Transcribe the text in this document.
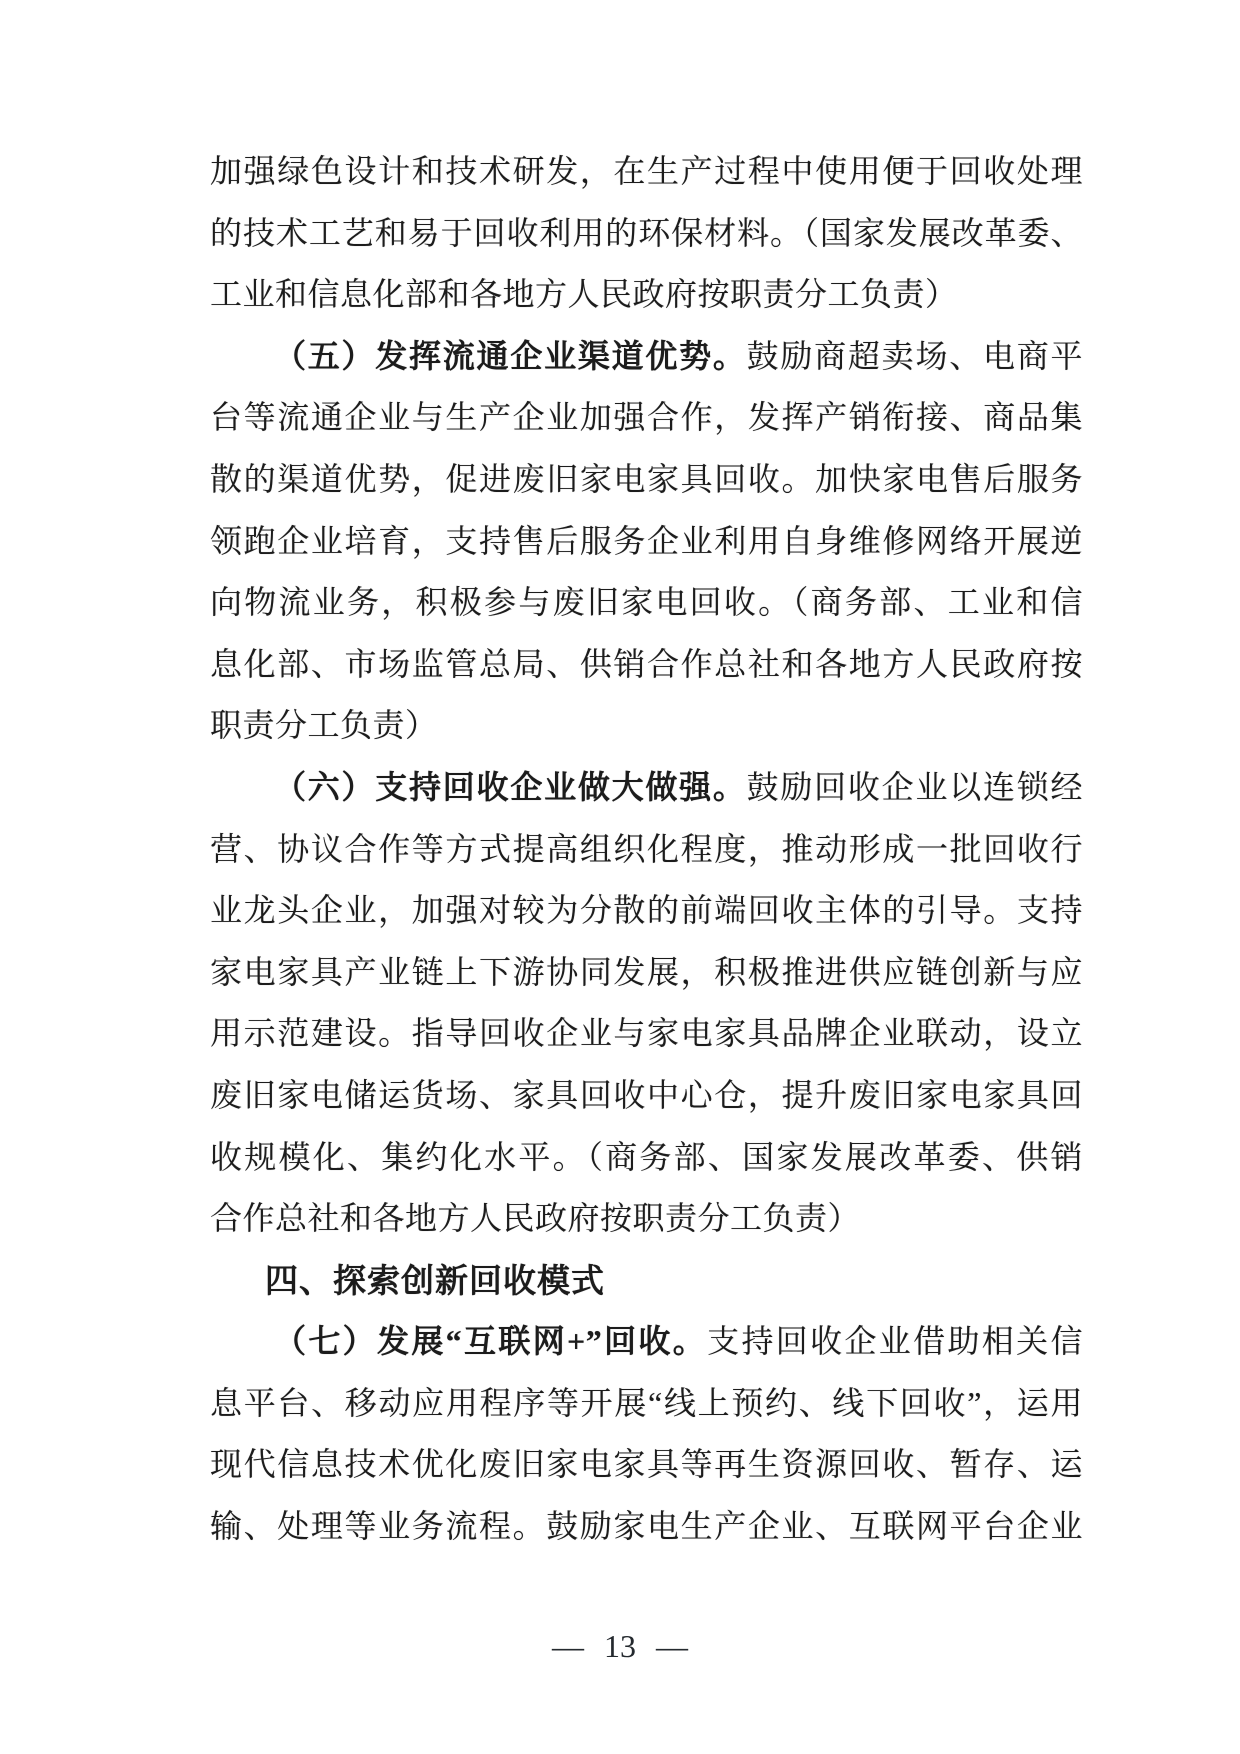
加强绿色设计和技术研发，在生产过程中使用便于回收处理
的技术工艺和易于回收利用的环保材料。（国家发展改革委、
工业和信息化部和各地方人民政府按职责分工负责）
（五）发挥流通企业渠道优势。鼓励商超卖场、电商平
台等流通企业与生产企业加强合作，发挥产销衔接、商品集
散的渠道优势，促进废旧家电家具回收。加快家电售后服务
领跑企业培育，支持售后服务企业利用自身维修网络开展逆
向物流业务，积极参与废旧家电回收。（商务部、工业和信
息化部、市场监管总局、供销合作总社和各地方人民政府按
职责分工负责）
（六）支持回收企业做大做强。鼓励回收企业以连锁经
营、协议合作等方式提高组织化程度，推动形成一批回收行
业龙头企业，加强对较为分散的前端回收主体的引导。支持
家电家具产业链上下游协同发展，积极推进供应链创新与应
用示范建设。指导回收企业与家电家具品牌企业联动，设立
废旧家电储运货场、家具回收中心仓，提升废旧家电家具回
收规模化、集约化水平。（商务部、国家发展改革委、供销
合作总社和各地方人民政府按职责分工负责）
四、探索创新回收模式
（七）发展“互联网+”回收。支持回收企业借助相关信
息平台、移动应用程序等开展“线上预约、线下回收”，运用
现代信息技术优化废旧家电家具等再生资源回收、暂存、运
输、处理等业务流程。鼓励家电生产企业、互联网平台企业
— 13 —
